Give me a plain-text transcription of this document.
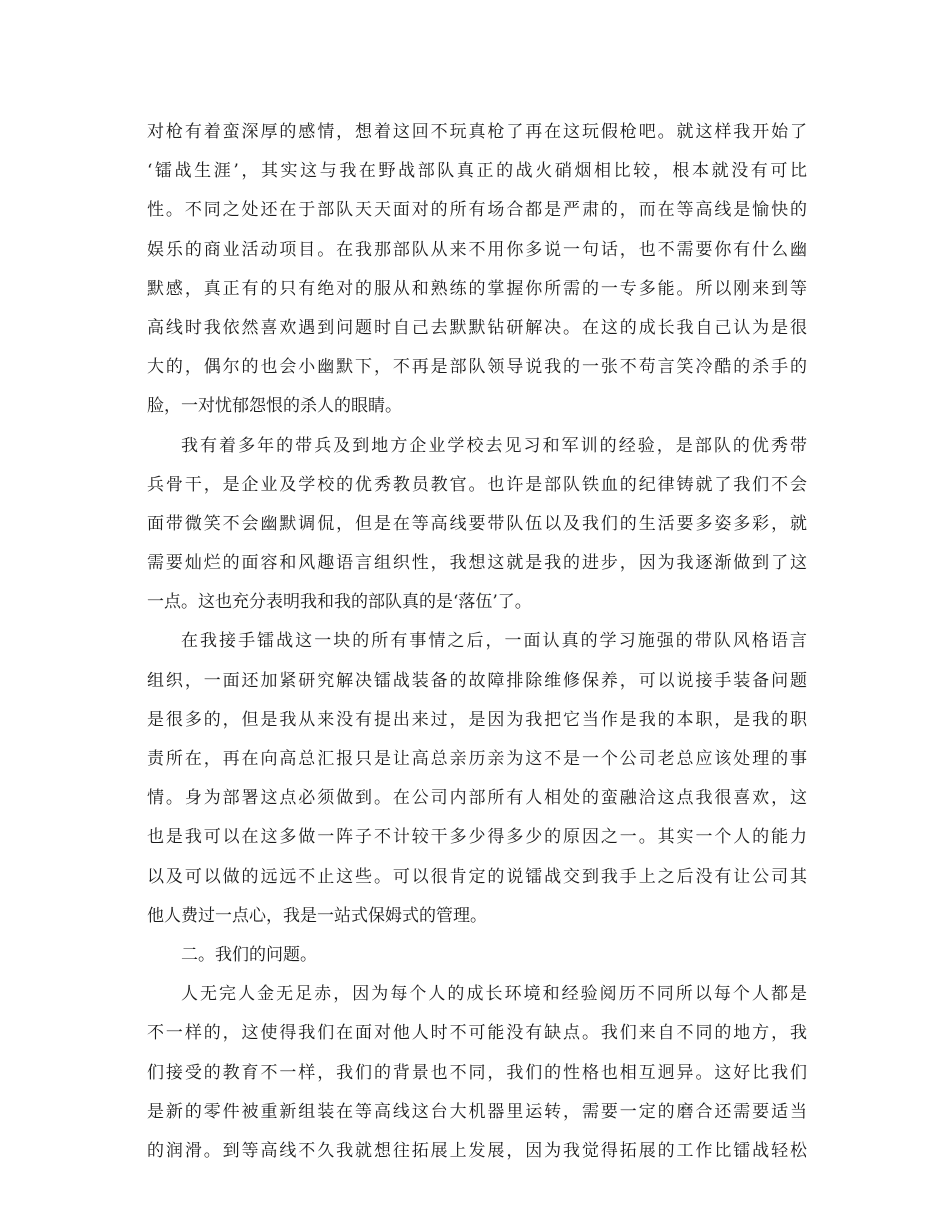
对枪有着蛮深厚的感情，想着这回不玩真枪了再在这玩假枪吧。就这样我开始了
‘镭战生涯’，其实这与我在野战部队真正的战火硝烟相比较，根本就没有可比
性。不同之处还在于部队天天面对的所有场合都是严肃的，而在等高线是愉快的
娱乐的商业活动项目。在我那部队从来不用你多说一句话，也不需要你有什么幽
默感，真正有的只有绝对的服从和熟练的掌握你所需的一专多能。所以刚来到等
高线时我依然喜欢遇到问题时自己去默默钻研解决。在这的成长我自己认为是很
大的，偶尔的也会小幽默下，不再是部队领导说我的一张不苟言笑冷酷的杀手的
脸，一对忧郁怨恨的杀人的眼睛。
我有着多年的带兵及到地方企业学校去见习和军训的经验，是部队的优秀带
兵骨干，是企业及学校的优秀教员教官。也许是部队铁血的纪律铸就了我们不会
面带微笑不会幽默调侃，但是在等高线要带队伍以及我们的生活要多姿多彩，就
需要灿烂的面容和风趣语言组织性，我想这就是我的进步，因为我逐渐做到了这
一点。这也充分表明我和我的部队真的是‘落伍’了。
在我接手镭战这一块的所有事情之后，一面认真的学习施强的带队风格语言
组织，一面还加紧研究解决镭战装备的故障排除维修保养，可以说接手装备问题
是很多的，但是我从来没有提出来过，是因为我把它当作是我的本职，是我的职
责所在，再在向高总汇报只是让高总亲历亲为这不是一个公司老总应该处理的事
情。身为部署这点必须做到。在公司内部所有人相处的蛮融洽这点我很喜欢，这
也是我可以在这多做一阵子不计较干多少得多少的原因之一。其实一个人的能力
以及可以做的远远不止这些。可以很肯定的说镭战交到我手上之后没有让公司其
他人费过一点心，我是一站式保姆式的管理。
二。我们的问题。
人无完人金无足赤，因为每个人的成长环境和经验阅历不同所以每个人都是
不一样的，这使得我们在面对他人时不可能没有缺点。我们来自不同的地方，我
们接受的教育不一样，我们的背景也不同，我们的性格也相互迥异。这好比我们
是新的零件被重新组装在等高线这台大机器里运转，需要一定的磨合还需要适当
的润滑。到等高线不久我就想往拓展上发展，因为我觉得拓展的工作比镭战轻松
